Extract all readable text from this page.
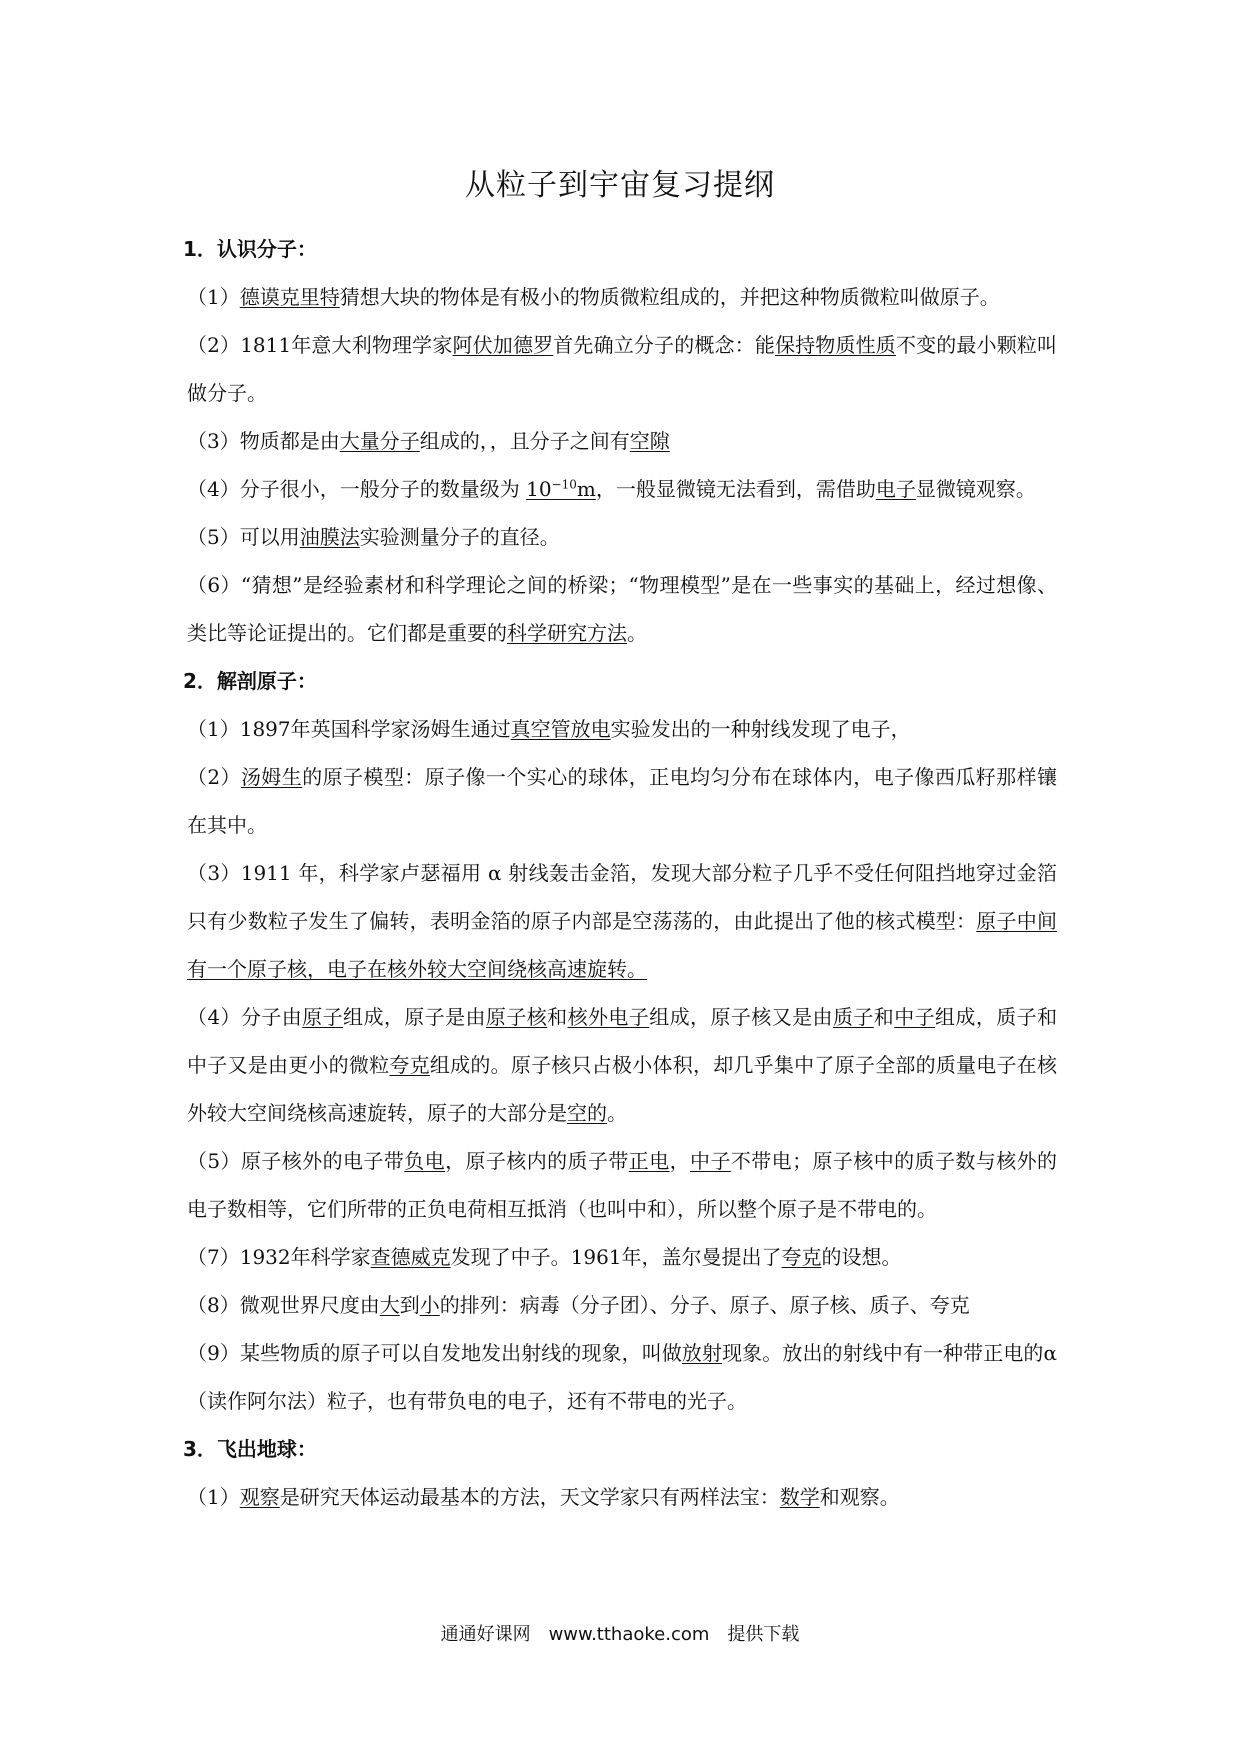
从粒子到宇宙复习提纲
1．认识分子：
（1）德谟克里特猜想大块的物体是有极小的物质微粒组成的，并把这种物质微粒叫做原子。
（2）1811年意大利物理学家阿伏加德罗首先确立分子的概念：能保持物质性质不变的最小颗粒叫做分子。
（3）物质都是由大量分子组成的，，且分子之间有空隙
（4）分子很小，一般分子的数量级为 $10^{-10}m$，一般显微镜无法看到，需借助电子显微镜观察。
（5）可以用油膜法实验测量分子的直径。
（6）“猜想”是经验素材和科学理论之间的桥梁；“物理模型”是在一些事实的基础上，经过想像、类比等论证提出的。它们都是重要的科学研究方法。
2．解剖原子：
（1）1897年英国科学家汤姆生通过真空管放电实验发出的一种射线发现了电子，
（2）汤姆生的原子模型：原子像一个实心的球体，正电均匀分布在球体内，电子像西瓜籽那样镶在其中。
（3）1911 年，科学家卢瑟福用 α 射线轰击金箔，发现大部分粒子几乎不受任何阻挡地穿过金箔只有少数粒子发生了偏转，表明金箔的原子内部是空荡荡的，由此提出了他的核式模型：原子中间有一个原子核，电子在核外较大空间绕核高速旋转。
（4）分子由原子组成，原子是由原子核和核外电子组成，原子核又是由质子和中子组成，质子和中子又是由更小的微粒夸克组成的。原子核只占极小体积，却几乎集中了原子全部的质量电子在核外较大空间绕核高速旋转，原子的大部分是空的。
（5）原子核外的电子带负电，原子核内的质子带正电，中子不带电；原子核中的质子数与核外的电子数相等，它们所带的正负电荷相互抵消（也叫中和），所以整个原子是不带电的。
（7）1932年科学家查德威克发现了中子。1961年，盖尔曼提出了夸克的设想。
（8）微观世界尺度由大到小的排列：病毒（分子团）、分子、原子、原子核、质子、夸克
（9）某些物质的原子可以自发地发出射线的现象，叫做放射现象。放出的射线中有一种带正电的α（读作阿尔法）粒子，也有带负电的电子，还有不带电的光子。
3．飞出地球：
（1）观察是研究天体运动最基本的方法，天文学家只有两样法宝：数学和观察。
通通好课网　www.tthaoke.com　提供下载
